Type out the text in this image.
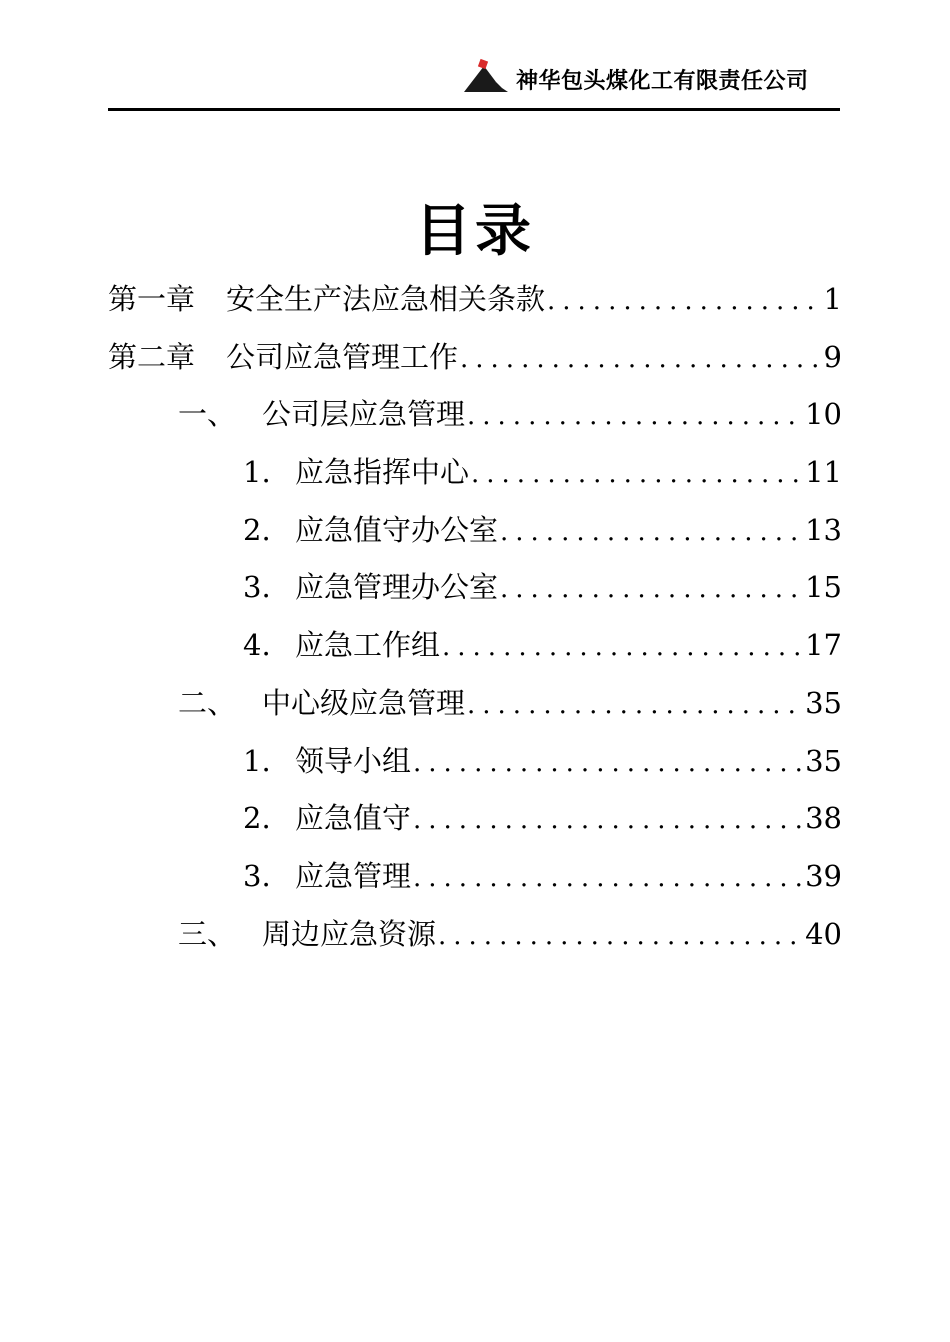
神华包头煤化工有限责任公司
目录
第一章	安全生产法应急相关条款 .....	1
第二章	公司应急管理工作 .....	9
一、 公司层应急管理 .....	10
1. 应急指挥中心 .....	11
2. 应急值守办公室 .....	13
3. 应急管理办公室 .....	15
4. 应急工作组 .....	17
二、 中心级应急管理 .....	35
1. 领导小组 .....	35
2. 应急值守 .....	38
3. 应急管理 .....	39
三、 周边应急资源 .....	40
